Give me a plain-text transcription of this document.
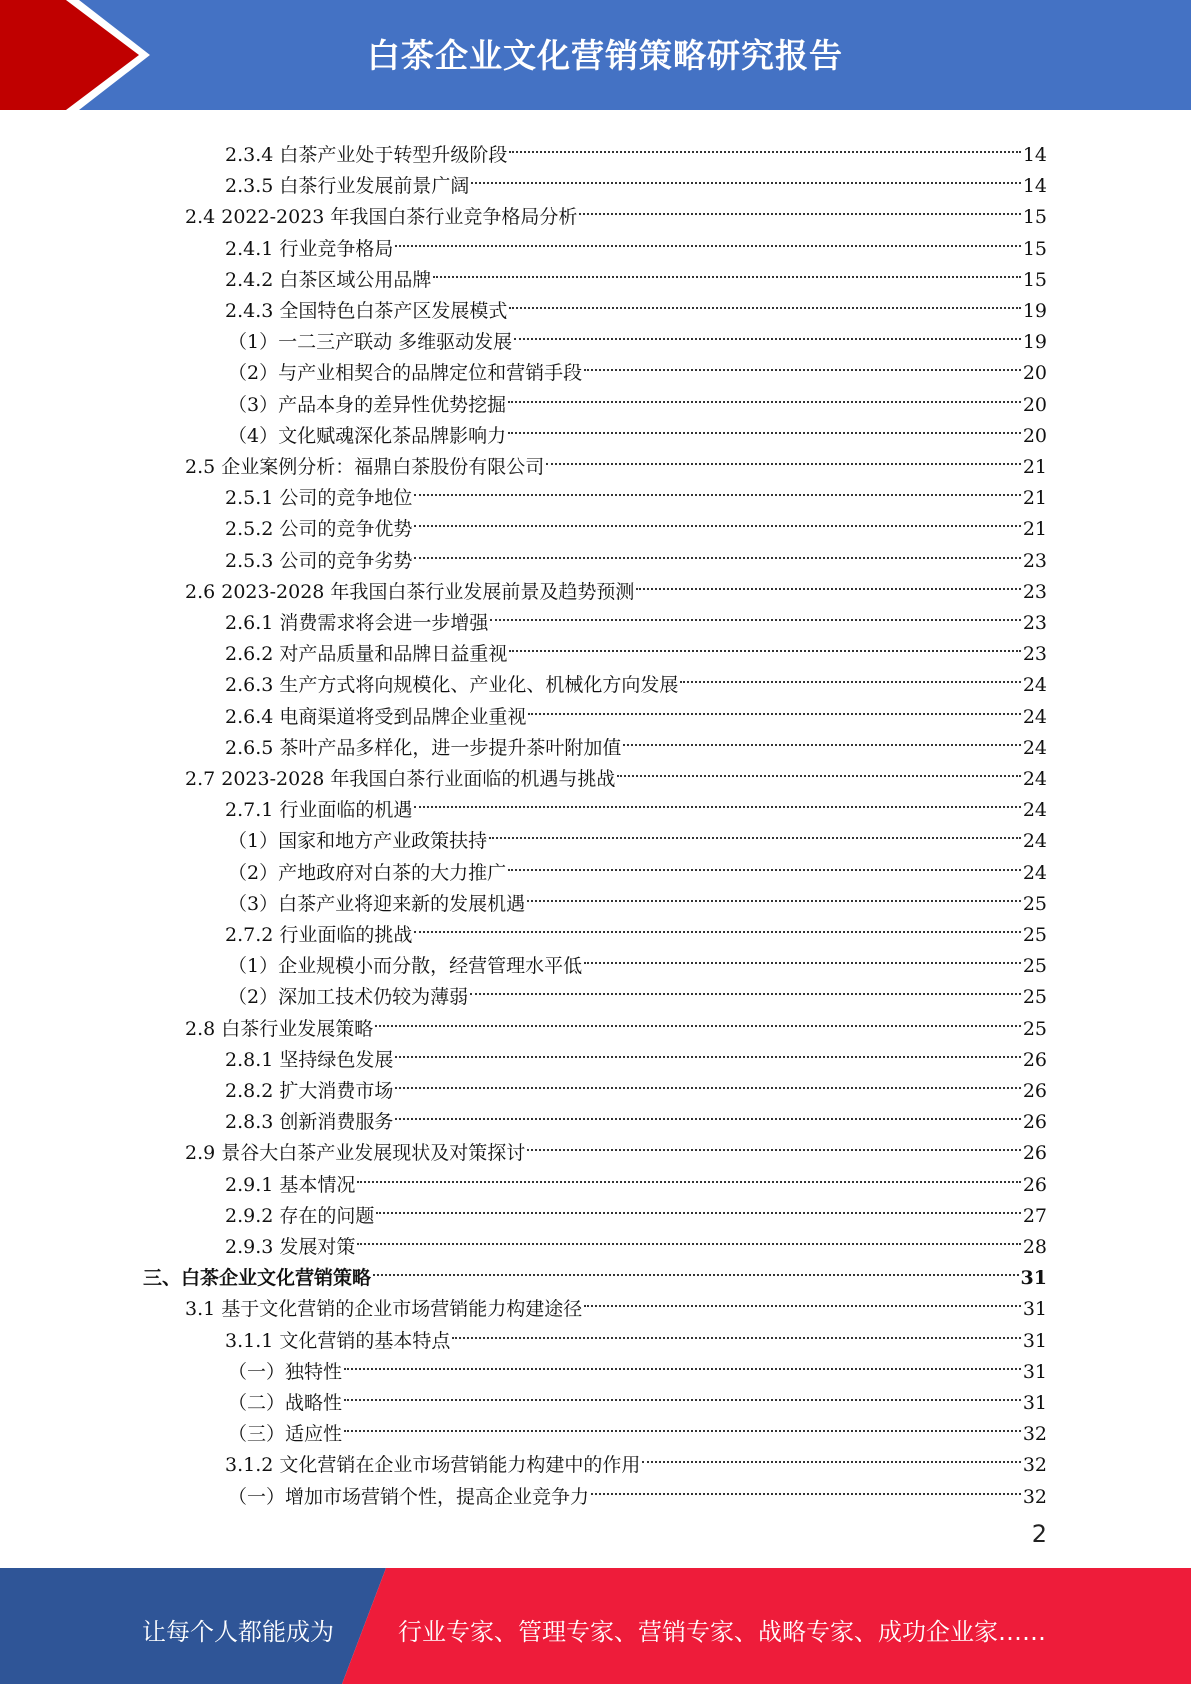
白茶企业文化营销策略研究报告
2.3.4 白茶产业处于转型升级阶段	14
2.3.5 白茶行业发展前景广阔	14
2.4 2022-2023 年我国白茶行业竞争格局分析	15
2.4.1 行业竞争格局	15
2.4.2 白茶区域公用品牌	15
2.4.3 全国特色白茶产区发展模式	19
（1）一二三产联动 多维驱动发展	19
（2）与产业相契合的品牌定位和营销手段	20
（3）产品本身的差异性优势挖掘	20
（4）文化赋魂深化茶品牌影响力	20
2.5 企业案例分析：福鼎白茶股份有限公司	21
2.5.1 公司的竞争地位	21
2.5.2 公司的竞争优势	21
2.5.3 公司的竞争劣势	23
2.6 2023-2028 年我国白茶行业发展前景及趋势预测	23
2.6.1 消费需求将会进一步增强	23
2.6.2 对产品质量和品牌日益重视	23
2.6.3 生产方式将向规模化、产业化、机械化方向发展	24
2.6.4 电商渠道将受到品牌企业重视	24
2.6.5 茶叶产品多样化，进一步提升茶叶附加值	24
2.7 2023-2028 年我国白茶行业面临的机遇与挑战	24
2.7.1 行业面临的机遇	24
（1）国家和地方产业政策扶持	24
（2）产地政府对白茶的大力推广	24
（3）白茶产业将迎来新的发展机遇	25
2.7.2 行业面临的挑战	25
（1）企业规模小而分散，经营管理水平低	25
（2）深加工技术仍较为薄弱	25
2.8 白茶行业发展策略	25
2.8.1 坚持绿色发展	26
2.8.2 扩大消费市场	26
2.8.3 创新消费服务	26
2.9 景谷大白茶产业发展现状及对策探讨	26
2.9.1 基本情况	26
2.9.2 存在的问题	27
2.9.3 发展对策	28
三、白茶企业文化营销策略	31
3.1 基于文化营销的企业市场营销能力构建途径	31
3.1.1 文化营销的基本特点	31
（一）独特性	31
（二）战略性	31
（三）适应性	32
3.1.2 文化营销在企业市场营销能力构建中的作用	32
（一）增加市场营销个性，提高企业竞争力	32
2
让每个人都能成为	行业专家、管理专家、营销专家、战略专家、成功企业家……
